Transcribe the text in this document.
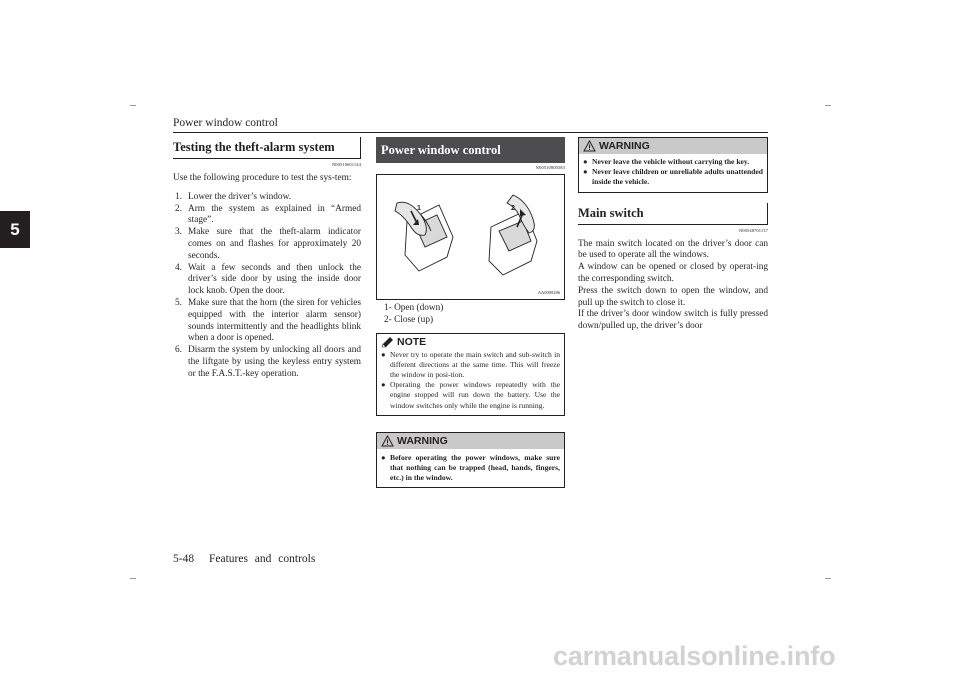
Power window control
5
Testing the theft-alarm system
N00510601144
Use the following procedure to test the sys-tem:
1. Lower the driver’s window.
2. Arm the system as explained in “Armed stage”.
3. Make sure that the theft-alarm indicator comes on and flashes for approximately 20 seconds.
4. Wait a few seconds and then unlock the driver’s side door by using the inside door lock knob. Open the door.
5. Make sure that the horn (the siren for vehicles equipped with the interior alarm sensor) sounds intermittently and the headlights blink when a door is opened.
6. Disarm the system by unlocking all doors and the liftgate by using the keyless entry system or the F.A.S.T.-key operation.
Power window control
N00510800383
1	2
AA0009286
1- Open (down)
2- Close (up)
NOTE
● Never try to operate the main switch and sub-switch in different directions at the same time. This will freeze the window in posi-tion.
● Operating the power windows repeatedly with the engine stopped will run down the battery. Use the window switches only while the engine is running.
WARNING
● Before operating the power windows, make sure that nothing can be trapped (head, hands, fingers, etc.) in the window.
WARNING
● Never leave the vehicle without carrying the key.
● Never leave children or unreliable adults unattended inside the vehicle.
Main switch
N00548701137
The main switch located on the driver’s door can be used to operate all the windows.
A window can be opened or closed by operat-ing the corresponding switch.
Press the switch down to open the window, and pull up the switch to close it.
If the driver’s door window switch is fully pressed down/pulled up, the driver’s door
5-48 Features and controls
carmanualsonline.info
